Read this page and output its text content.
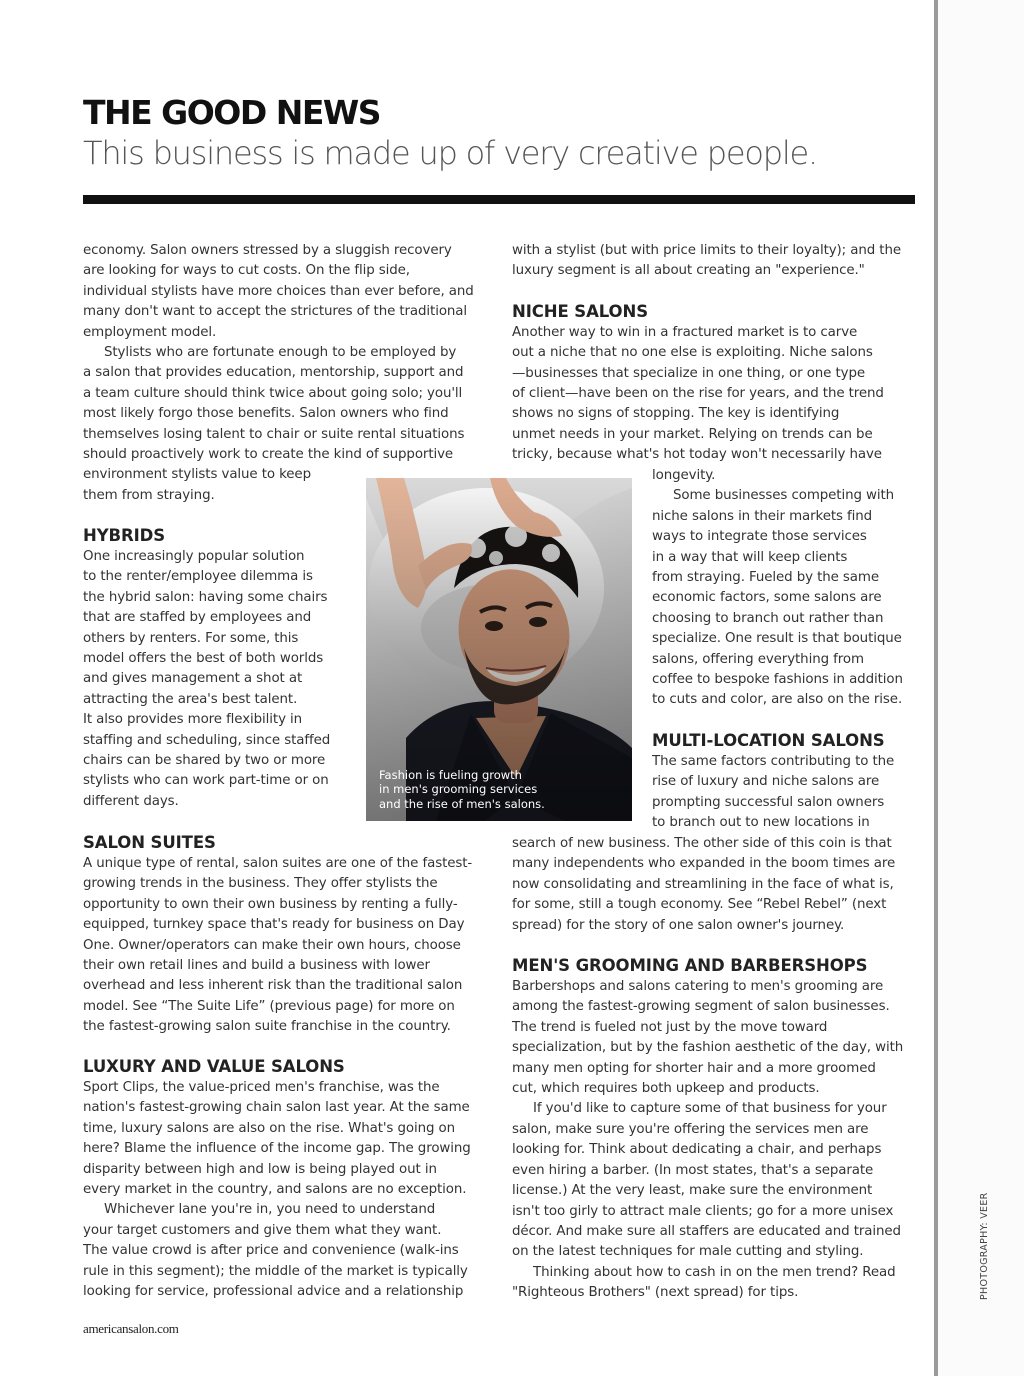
THE GOOD NEWS
This business is made up of very creative people.

economy. Salon owners stressed by a sluggish recovery

are looking for ways to cut costs. On the flip side,

individual stylists have more choices than ever before, and

many don't want to accept the strictures of the traditional

employment model.

Stylists who are fortunate enough to be employed by

a salon that provides education, mentorship, support and

a team culture should think twice about going solo; you'll

most likely forgo those benefits. Salon owners who find

themselves losing talent to chair or suite rental situations

should proactively work to create the kind of supportive

environment stylists value to keep

them from straying.

HYBRIDS

One increasingly popular solution

to the renter/employee dilemma is

the hybrid salon: having some chairs

that are staffed by employees and

others by renters. For some, this

model offers the best of both worlds

and gives management a shot at

attracting the area's best talent.

It also provides more flexibility in

staffing and scheduling, since staffed

chairs can be shared by two or more

stylists who can work part-time or on

different days.

SALON SUITES

A unique type of rental, salon suites are one of the fastest-

growing trends in the business. They offer stylists the

opportunity to own their own business by renting a fully-

equipped, turnkey space that's ready for business on Day

One. Owner/operators can make their own hours, choose

their own retail lines and build a business with lower

overhead and less inherent risk than the traditional salon

model. See “The Suite Life” (previous page) for more on

the fastest-growing salon suite franchise in the country.

LUXURY AND VALUE SALONS

Sport Clips, the value-priced men's franchise, was the

nation's fastest-growing chain salon last year. At the same

time, luxury salons are also on the rise. What's going on

here? Blame the influence of the income gap. The growing

disparity between high and low is being played out in

every market in the country, and salons are no exception.

Whichever lane you're in, you need to understand

your target customers and give them what they want.

The value crowd is after price and convenience (walk-ins

rule in this segment); the middle of the market is typically

looking for service, professional advice and a relationship

with a stylist (but with price limits to their loyalty); and the

luxury segment is all about creating an "experience."

NICHE SALONS

Another way to win in a fractured market is to carve

out a niche that no one else is exploiting. Niche salons

—businesses that specialize in one thing, or one type

of client—have been on the rise for years, and the trend

shows no signs of stopping. The key is identifying

unmet needs in your market. Relying on trends can be

tricky, because what's hot today won't necessarily have

longevity.

Some businesses competing with

niche salons in their markets find

ways to integrate those services

in a way that will keep clients

from straying. Fueled by the same

economic factors, some salons are

choosing to branch out rather than

specialize. One result is that boutique

salons, offering everything from

coffee to bespoke fashions in addition

to cuts and color, are also on the rise.

MULTI-LOCATION SALONS

The same factors contributing to the

rise of luxury and niche salons are

prompting successful salon owners

to branch out to new locations in

search of new business. The other side of this coin is that

many independents who expanded in the boom times are

now consolidating and streamlining in the face of what is,

for some, still a tough economy. See “Rebel Rebel” (next

spread) for the story of one salon owner's journey.

MEN'S GROOMING AND BARBERSHOPS

Barbershops and salons catering to men's grooming are

among the fastest-growing segment of salon businesses.

The trend is fueled not just by the move toward

specialization, but by the fashion aesthetic of the day, with

many men opting for shorter hair and a more groomed

cut, which requires both upkeep and products.

If you'd like to capture some of that business for your

salon, make sure you're offering the services men are

looking for. Think about dedicating a chair, and perhaps

even hiring a barber. (In most states, that's a separate

license.) At the very least, make sure the environment

isn't too girly to attract male clients; go for a more unisex

décor. And make sure all staffers are educated and trained

on the latest techniques for male cutting and styling.

Thinking about how to cash in on the men trend? Read

"Righteous Brothers" (next spread) for tips.

Fashion is fueling growth

in men's grooming services

and the rise of men's salons.

americansalon.com
PHOTOGRAPHY: VEER
